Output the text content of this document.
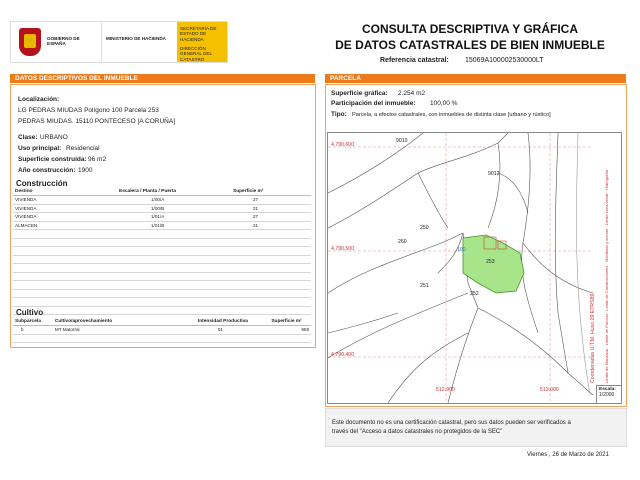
GOBIERNO DE ESPAÑA
MINISTERIO DE HACIENDA
SECRETARÍA DE ESTADO DE HACIENDA
DIRECCIÓN GENERAL DEL CATASTRO
CONSULTA DESCRIPTIVA Y GRÁFICA
DE DATOS CATASTRALES DE BIEN INMUEBLE
Referencia catastral: 15069A100002530000LT
DATOS DESCRIPTIVOS DEL INMUEBLE
Localización:
LG PEDRAS MIUDAS Polígono 100 Parcela 253
PEDRAS MIUDAS. 15110 PONTECESO [A CORUÑA]
Clase: URBANO
Uso principal: Residencial
Superficie construida: 96 m2
Año construcción: 1900
Construcción
Destino	Escalera / Planta / Puerta	Superficie m²
VIVIENDA	1/00/A	27
VIVIENDA	1/00/B	21
VIVIENDA	1/01/A	27
ALMACEN	1/01/B	21

Cultivo
Subparcela	Cultivo/aprovechamiento	Intensidad Productiva	Superficie m²
b	MT Matorral	01	959

PARCELA
Superficie gráfica: 2.254 m2
Participación del inmueble: 100,00 %
Tipo: Parcela, a efectos catastrales, con inmuebles de distinta clase [urbano y rústico]
4.790.600
4.790.500
4.790.400
512.900	513.000
9010
9012
250
260
100
253
251
252	Coordenadas U.T.M. Huso 29 ETRS89 Límite de Manzana · Límite de Parcela · Límite de Construcciones · Mobiliario y aceras · Límite zona verde · Hidrografía
Escala:
1/2000
Este documento no es una certificación catastral, pero sus datos pueden ser verificados a
través del "Acceso a datos catastrales no protegidos de la SEC"
Viernes , 26 de Marzo de 2021
